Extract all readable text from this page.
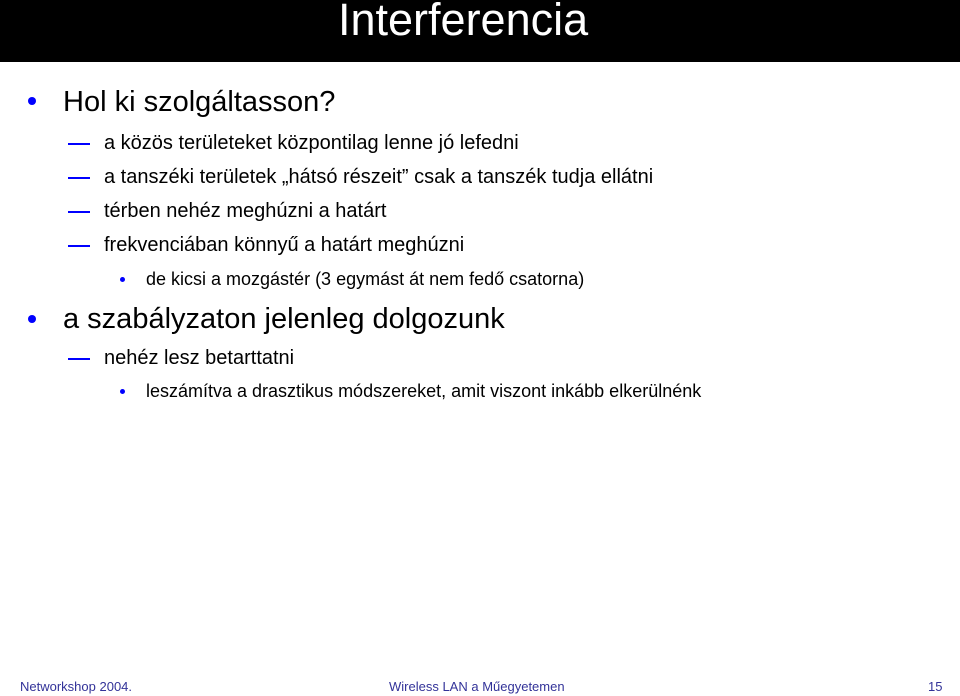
Interferencia
Hol ki szolgáltasson?
a közös területeket központilag lenne jó lefedni
a tanszéki területek „hátsó részeit” csak a tanszék tudja ellátni
térben nehéz meghúzni a határt
frekvenciában könnyű a határt meghúzni
de kicsi a mozgástér (3 egymást át nem fedő csatorna)
a szabályzaton jelenleg dolgozunk
nehéz lesz betarttatni
leszámítva a drasztikus módszereket, amit viszont inkább elkerülnénk
Networkshop 2004.	Wireless LAN a Műegyetemen	15
